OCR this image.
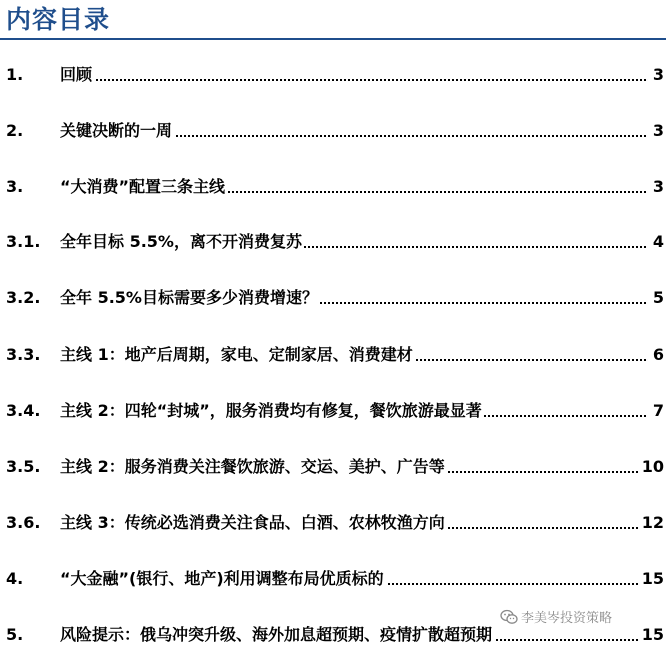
内容目录
1.	回顾	3
2.	关键决断的一周	3
3.	“大消费”配置三条主线	3
3.1.	全年目标 5.5%，离不开消费复苏	4
3.2.	全年 5.5%目标需要多少消费增速？	5
3.3.	主线 1：地产后周期，家电、定制家居、消费建材	6
3.4.	主线 2：四轮“封城”，服务消费均有修复，餐饮旅游最显著	7
3.5.	主线 2：服务消费关注餐饮旅游、交运、美护、广告等	10
3.6.	主线 3：传统必选消费关注食品、白酒、农林牧渔方向	12
4.	“大金融”(银行、地产)利用调整布局优质标的	15
5.	风险提示：俄乌冲突升级、海外加息超预期、疫情扩散超预期	15
李美岑投资策略
